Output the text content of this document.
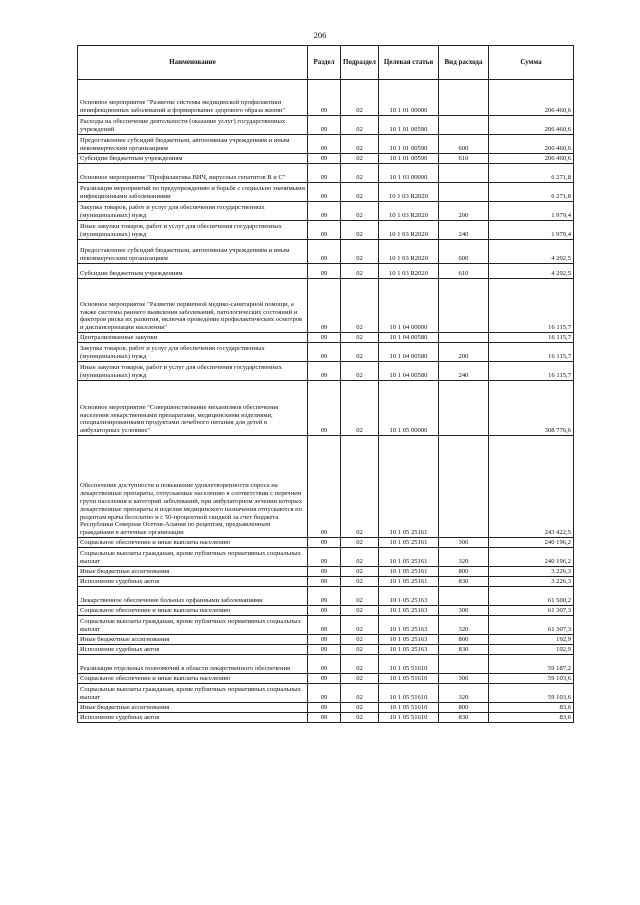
206
Наименование	Раздел	Подраздел	Целевая статья	Вид расхода	Сумма
Основное мероприятие "Развитие системы медицинской профилактики неинфекционных заболеваний и формирование здорового образа жизни"	09	02	10 1 01 00000		206 460,6
Расходы на обеспечение деятельности (оказание услуг) государственных учреждений	09	02	10 1 01 00590		206 460,6
Предоставление субсидий бюджетным, автономным учреждениям и иным некоммерческим организациям	09	02	10 1 01 00590	600	206 460,6
Субсидии бюджетным учреждениям	09	02	10 1 01 00590	610	206 460,6
Основное мероприятие "Профилактика ВИЧ, вирусных гепатитов В и С"	09	02	10 1 03 00000		6 271,8
Реализация мероприятий по предупреждению и борьбе с социально значимыми инфекционными заболеваниями	09	02	10 1 03 R2020		6 271,8
Закупка товаров, работ и услуг для обеспечения государственных (муниципальных) нужд	09	02	10 1 03 R2020	200	1 979,4
Иные закупки товаров, работ и услуг для обеспечения государственных (муниципальных) нужд	09	02	10 1 03 R2020	240	1 979,4
Предоставление субсидий бюджетным, автономным учреждениям и иным некоммерческим организациям	09	02	10 1 03 R2020	600	4 292,5
Субсидии бюджетным учреждениям	09	02	10 1 03 R2020	610	4 292,5
Основное мероприятие "Развитие первичной медико-санитарной помощи, а также системы раннего выявления заболеваний, патологических состояний и факторов риска их развития, включая проведение профилактических осмотров и диспансеризации населения"	09	02	10 1 04 00000		16 115,7
Централизованные закупки	09	02	10 1 04 00580		16 115,7
Закупка товаров, работ и услуг для обеспечения государственных (муниципальных) нужд	09	02	10 1 04 00580	200	16 115,7
Иные закупки товаров, работ и услуг для обеспечения государственных (муниципальных) нужд	09	02	10 1 04 00580	240	16 115,7
Основное мероприятие "Совершенствование механизмов обеспечения населения лекарственными препаратами, медицинскими изделиями, специализированными продуктами лечебного питания для детей в амбулаторных условиях"	09	02	10 1 05 00000		308 776,6
Обеспечение доступности и повышение удовлетворенности спроса на лекарственные препараты, отпускаемые населению в соответствии с перечнем групп населения и категорий заболеваний, при амбулаторном лечении которых лекарственные препараты и изделия медицинского назначения отпускаются по рецептам врача бесплатно и с 50-процентной скидкой за счет бюджета Республики Северная Осетия-Алания по рецептам, предъявленным гражданами в аптечные организации	09	02	10 1 05 25161		243 422,5
Социальное обеспечение и иные выплаты населению	09	02	10 1 05 25161	300	240 196,2
Социальные выплаты гражданам, кроме публичных нормативных социальных выплат	09	02	10 1 05 25161	320	240 196,2
Иные бюджетные ассигнования	09	02	10 1 05 25161	800	3 226,3
Исполнение судебных актов	09	02	10 1 05 25161	830	3 226,3
Лекарственное обеспечение больных орфанными заболеваниями	09	02	10 1 05 25163		61 500,2
Социальное обеспечение и иные выплаты населению	09	02	10 1 05 25163	300	61 307,3
Социальные выплаты гражданам, кроме публичных нормативных социальных выплат	09	02	10 1 05 25163	320	61 307,3
Иные бюджетные ассигнования	09	02	10 1 05 25163	800	192,9
Исполнение судебных актов	09	02	10 1 05 25163	830	192,9
Реализация отдельных полномочий в области лекарственного обеспечения	09	02	10 1 05 51610		59 187,2
Социальное обеспечение и иные выплаты населению	09	02	10 1 05 51610	300	59 103,6
Социальные выплаты гражданам, кроме публичных нормативных социальных выплат	09	02	10 1 05 51610	320	59 103,6
Иные бюджетные ассигнования	09	02	10 1 05 51610	800	83,6
Исполнение судебных актов	09	02	10 1 05 51610	830	83,6
